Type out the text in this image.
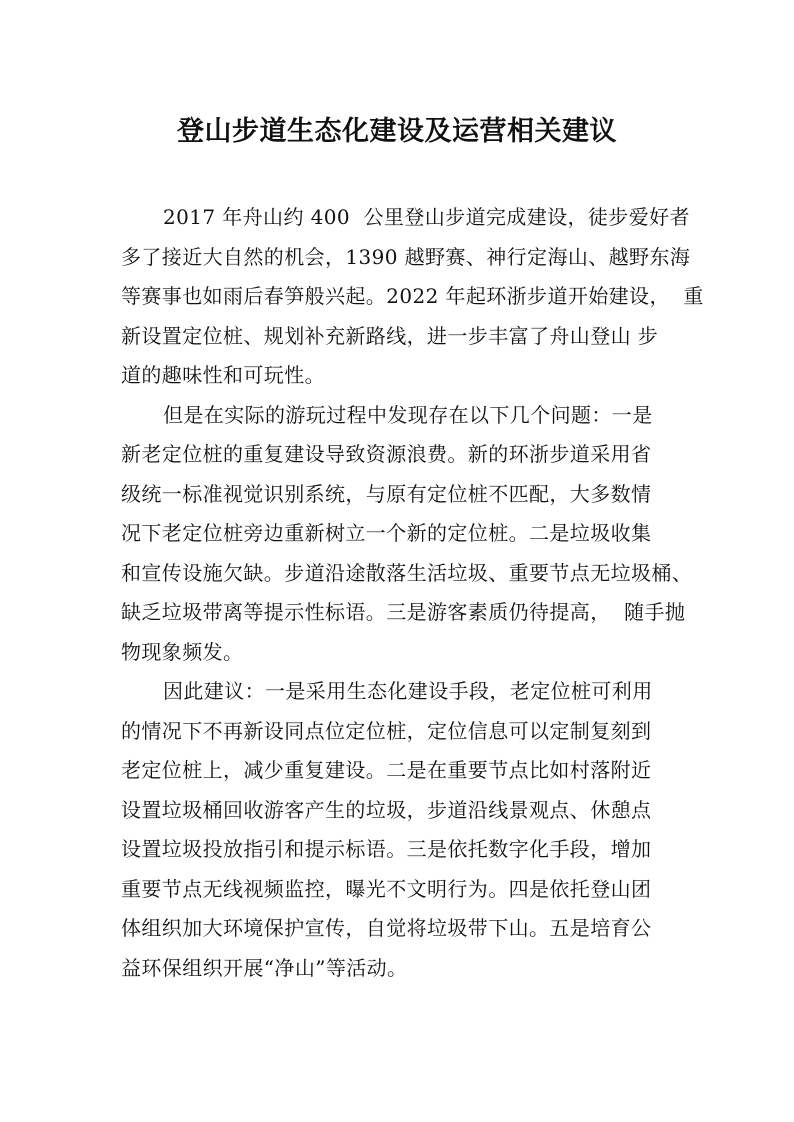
登山步道生态化建设及运营相关建议
2017 年舟山约 400  公里登山步道完成建设，徒步爱好者
多了接近大自然的机会，1390 越野赛、神行定海山、越野东海
等赛事也如雨后春笋般兴起。2022 年起环浙步道开始建设，  重
新设置定位桩、规划补充新路线，进一步丰富了舟山登山 步
道的趣味性和可玩性。
但是在实际的游玩过程中发现存在以下几个问题：一是
新老定位桩的重复建设导致资源浪费。新的环浙步道采用省
级统一标准视觉识别系统，与原有定位桩不匹配，大多数情
况下老定位桩旁边重新树立一个新的定位桩。二是垃圾收集
和宣传设施欠缺。步道沿途散落生活垃圾、重要节点无垃圾桶、
缺乏垃圾带离等提示性标语。三是游客素质仍待提高，  随手抛
物现象频发。
因此建议：一是采用生态化建设手段，老定位桩可利用
的情况下不再新设同点位定位桩，定位信息可以定制复刻到
老定位桩上，减少重复建设。二是在重要节点比如村落附近
设置垃圾桶回收游客产生的垃圾，步道沿线景观点、休憩点
设置垃圾投放指引和提示标语。三是依托数字化手段，增加
重要节点无线视频监控，曝光不文明行为。四是依托登山团
体组织加大环境保护宣传，自觉将垃圾带下山。五是培育公
益环保组织开展“净山”等活动。
